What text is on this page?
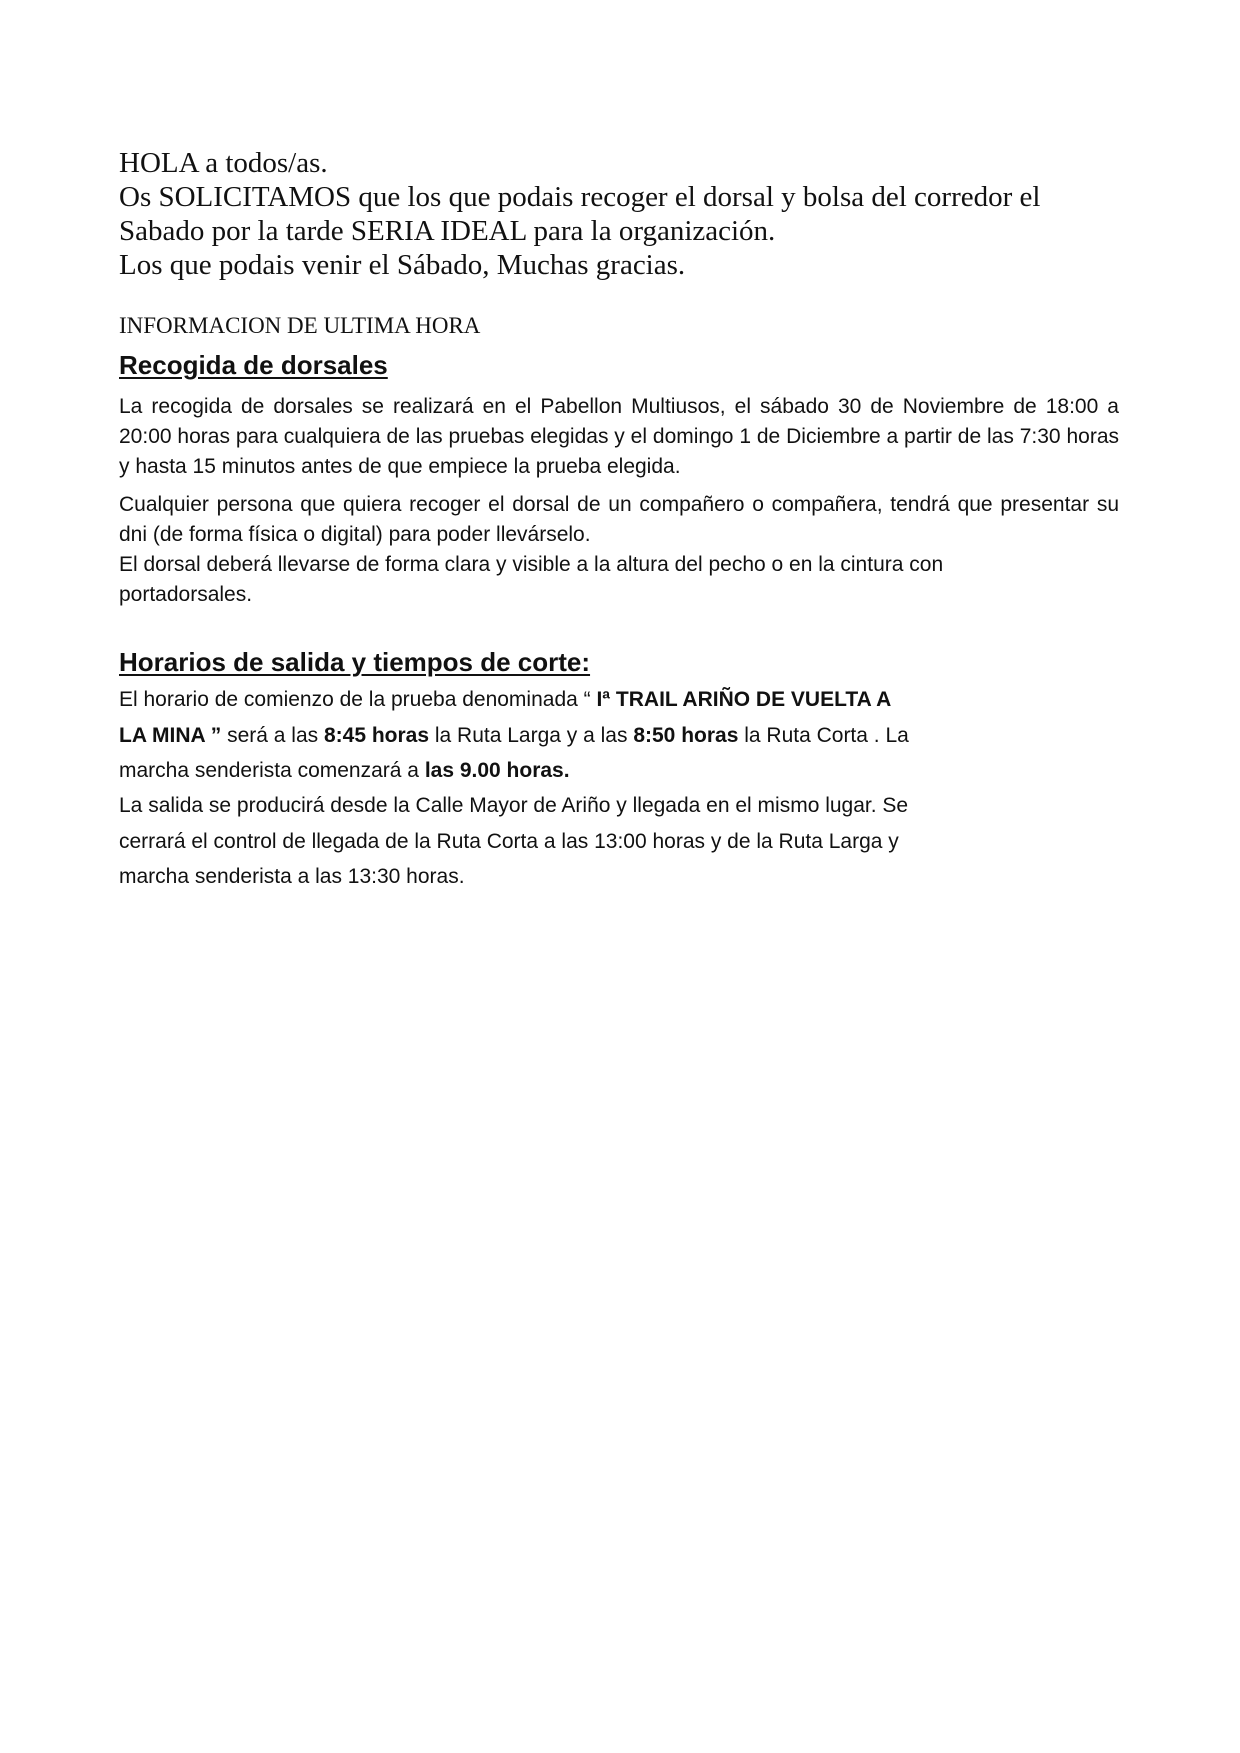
HOLA a todos/as.
Os SOLICITAMOS que los que podais recoger el dorsal y bolsa del corredor el
Sabado por la tarde SERIA IDEAL para la organización.
Los que podais venir el Sábado, Muchas gracias.
INFORMACION DE ULTIMA HORA
Recogida de dorsales
La recogida de dorsales se realizará en el Pabellon Multiusos, el sábado 30 de Noviembre de 18:00 a 20:00 horas para cualquiera de las pruebas elegidas y el domingo 1 de Diciembre a partir de las 7:30 horas y hasta 15 minutos antes de que empiece la prueba elegida.
Cualquier persona que quiera recoger el dorsal de un compañero o compañera, tendrá que presentar su dni (de forma física o digital) para poder llevárselo.
El dorsal deberá llevarse de forma clara y visible a la altura del pecho o en la cintura con
portadorsales.
Horarios de salida y tiempos de corte:
El horario de comienzo de la prueba denominada “ Iª TRAIL ARIÑO DE VUELTA A
LA MINA ” será a las 8:45 horas la Ruta Larga y a las 8:50 horas la Ruta Corta . La
marcha senderista comenzará a las 9.00 horas.
La salida se producirá desde la Calle Mayor de Ariño y llegada en el mismo lugar. Se
cerrará el control de llegada de la Ruta Corta a las 13:00 horas y de la Ruta Larga y
marcha senderista a las 13:30 horas.
